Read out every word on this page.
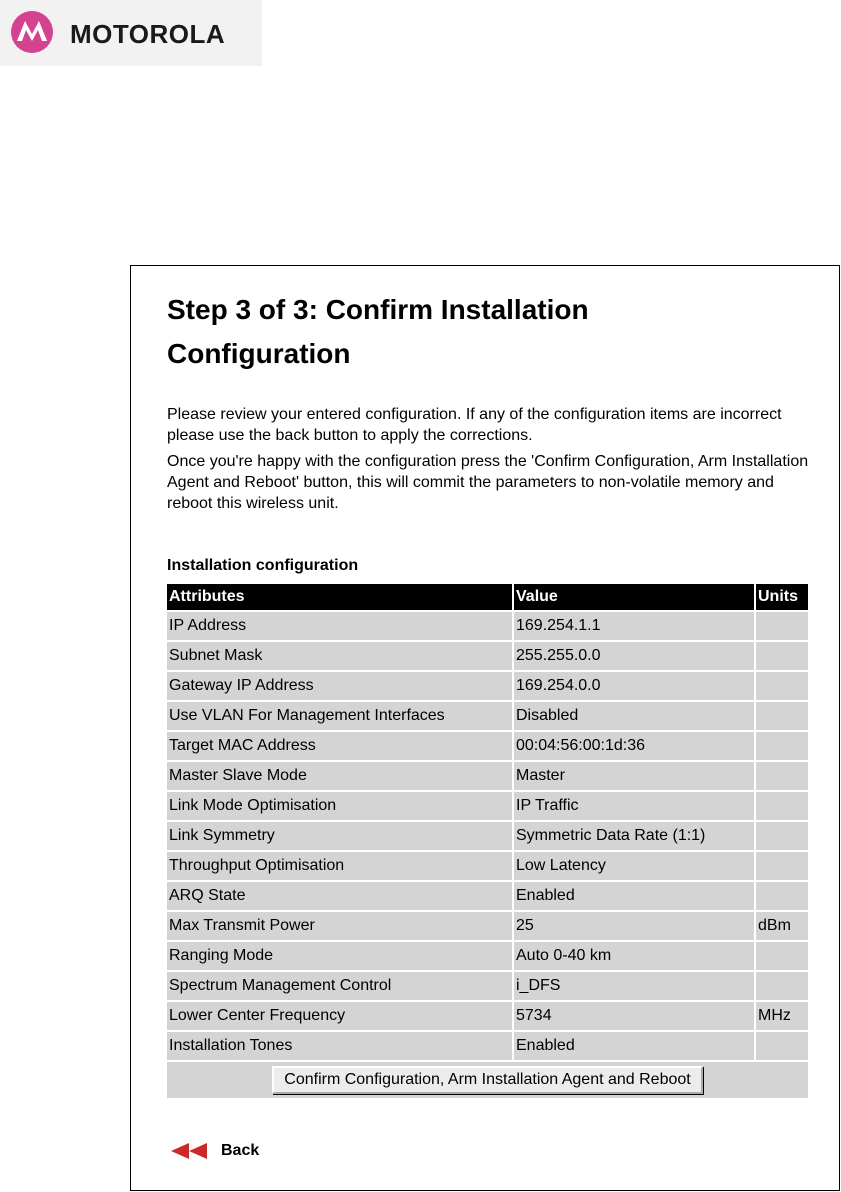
MOTOROLA
Step 3 of 3: Confirm Installation Configuration

Please review your entered configuration. If any of the configuration items are incorrect please use the back button to apply the corrections.

Once you're happy with the configuration press the 'Confirm Configuration, Arm Installation Agent and Reboot' button, this will commit the parameters to non-volatile memory and reboot this wireless unit.

Installation configuration
Attributes	Value	Units
IP Address	169.254.1.1	
Subnet Mask	255.255.0.0	
Gateway IP Address	169.254.0.0	
Use VLAN For Management Interfaces	Disabled	
Target MAC Address	00:04:56:00:1d:36	
Master Slave Mode	Master	
Link Mode Optimisation	IP Traffic	
Link Symmetry	Symmetric Data Rate (1:1)	
Throughput Optimisation	Low Latency	
ARQ State	Enabled	
Max Transmit Power	25	dBm
Ranging Mode	Auto 0-40 km	
Spectrum Management Control	i_DFS	
Lower Center Frequency	5734	MHz
Installation Tones	Enabled	
Confirm Configuration, Arm Installation Agent and Reboot		
Back
